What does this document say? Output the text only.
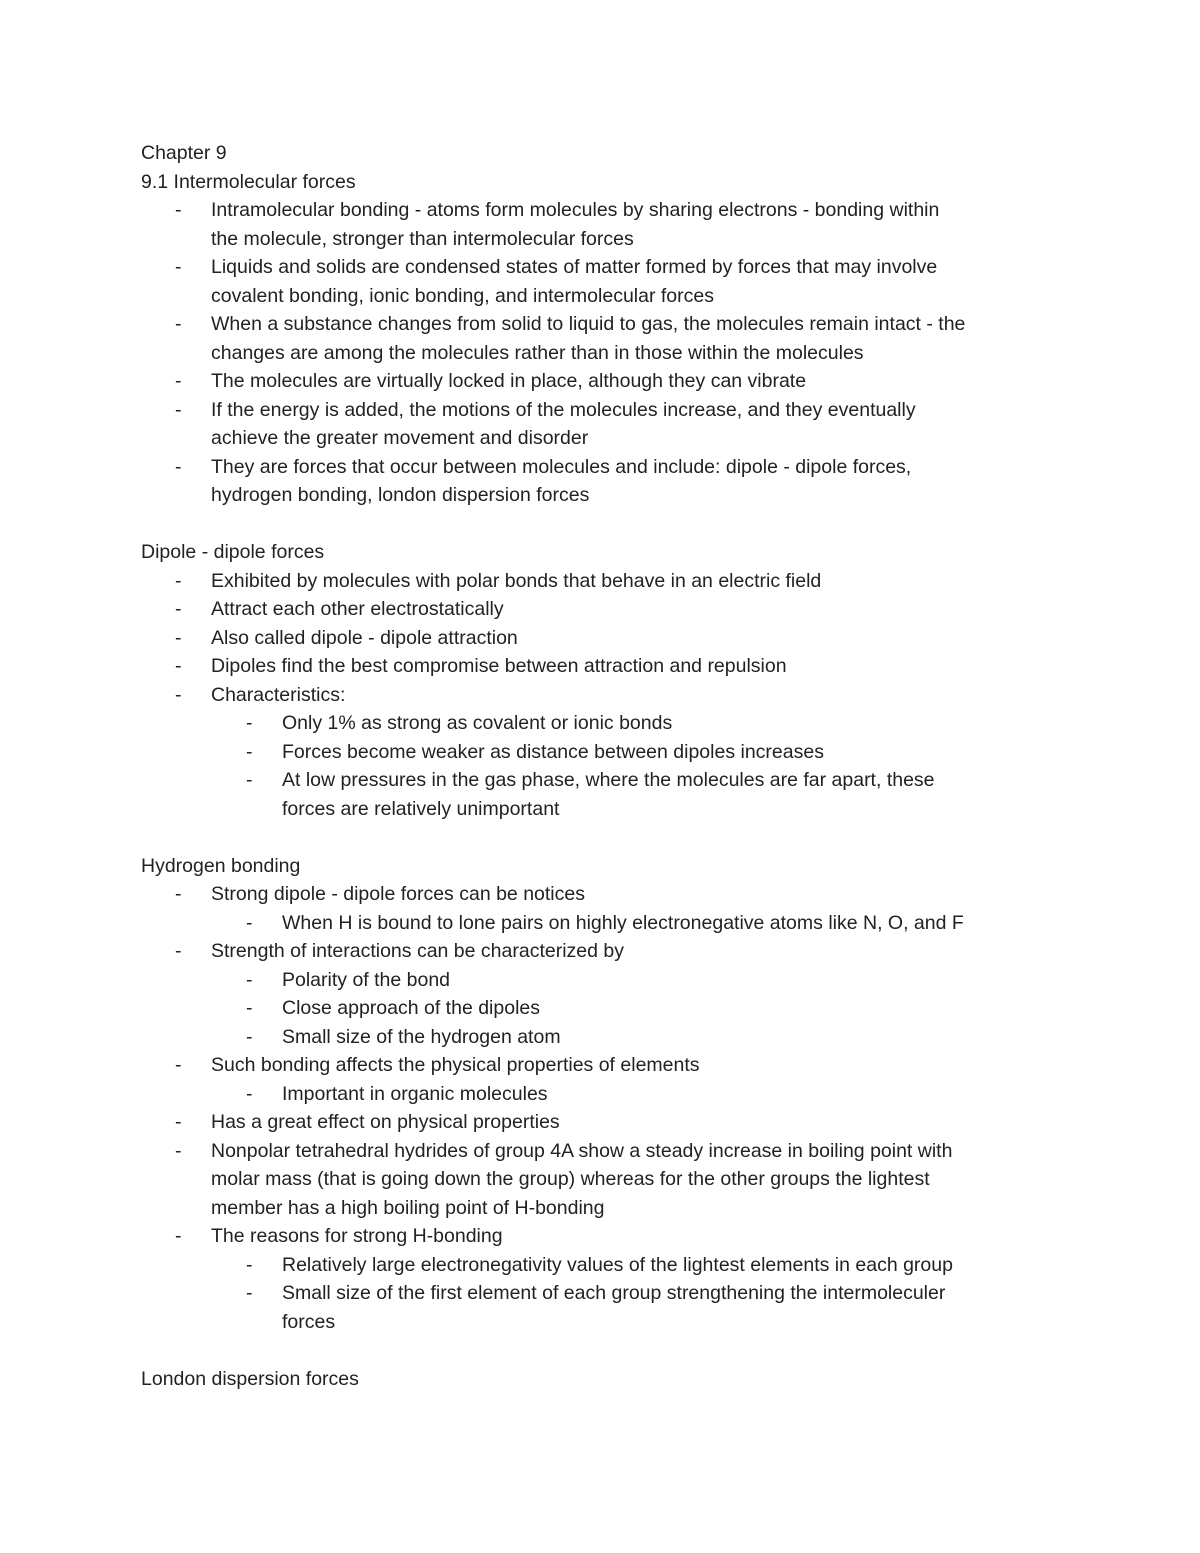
Chapter 9

9.1 Intermolecular forces

- Intramolecular bonding - atoms form molecules by sharing electrons - bonding within
the molecule, stronger than intermolecular forces
- Liquids and solids are condensed states of matter formed by forces that may involve
covalent bonding, ionic bonding, and intermolecular forces
- When a substance changes from solid to liquid to gas, the molecules remain intact - the
changes are among the molecules rather than in those within the molecules
- The molecules are virtually locked in place, although they can vibrate
- If the energy is added, the motions of the molecules increase, and they eventually
achieve the greater movement and disorder
- They are forces that occur between molecules and include: dipole - dipole forces,
hydrogen bonding, london dispersion forces

Dipole - dipole forces

- Exhibited by molecules with polar bonds that behave in an electric field
- Attract each other electrostatically
- Also called dipole - dipole attraction
- Dipoles find the best compromise between attraction and repulsion
- Characteristics:
- Only 1% as strong as covalent or ionic bonds
- Forces become weaker as distance between dipoles increases
- At low pressures in the gas phase, where the molecules are far apart, these
forces are relatively unimportant

Hydrogen bonding

- Strong dipole - dipole forces can be notices
- When H is bound to lone pairs on highly electronegative atoms like N, O, and F
- Strength of interactions can be characterized by
- Polarity of the bond
- Close approach of the dipoles
- Small size of the hydrogen atom
- Such bonding affects the physical properties of elements
- Important in organic molecules
- Has a great effect on physical properties
- Nonpolar tetrahedral hydrides of group 4A show a steady increase in boiling point with
molar mass (that is going down the group) whereas for the other groups the lightest
member has a high boiling point of H-bonding
- The reasons for strong H-bonding
- Relatively large electronegativity values of the lightest elements in each group
- Small size of the first element of each group strengthening the intermoleculer
forces

London dispersion forces
